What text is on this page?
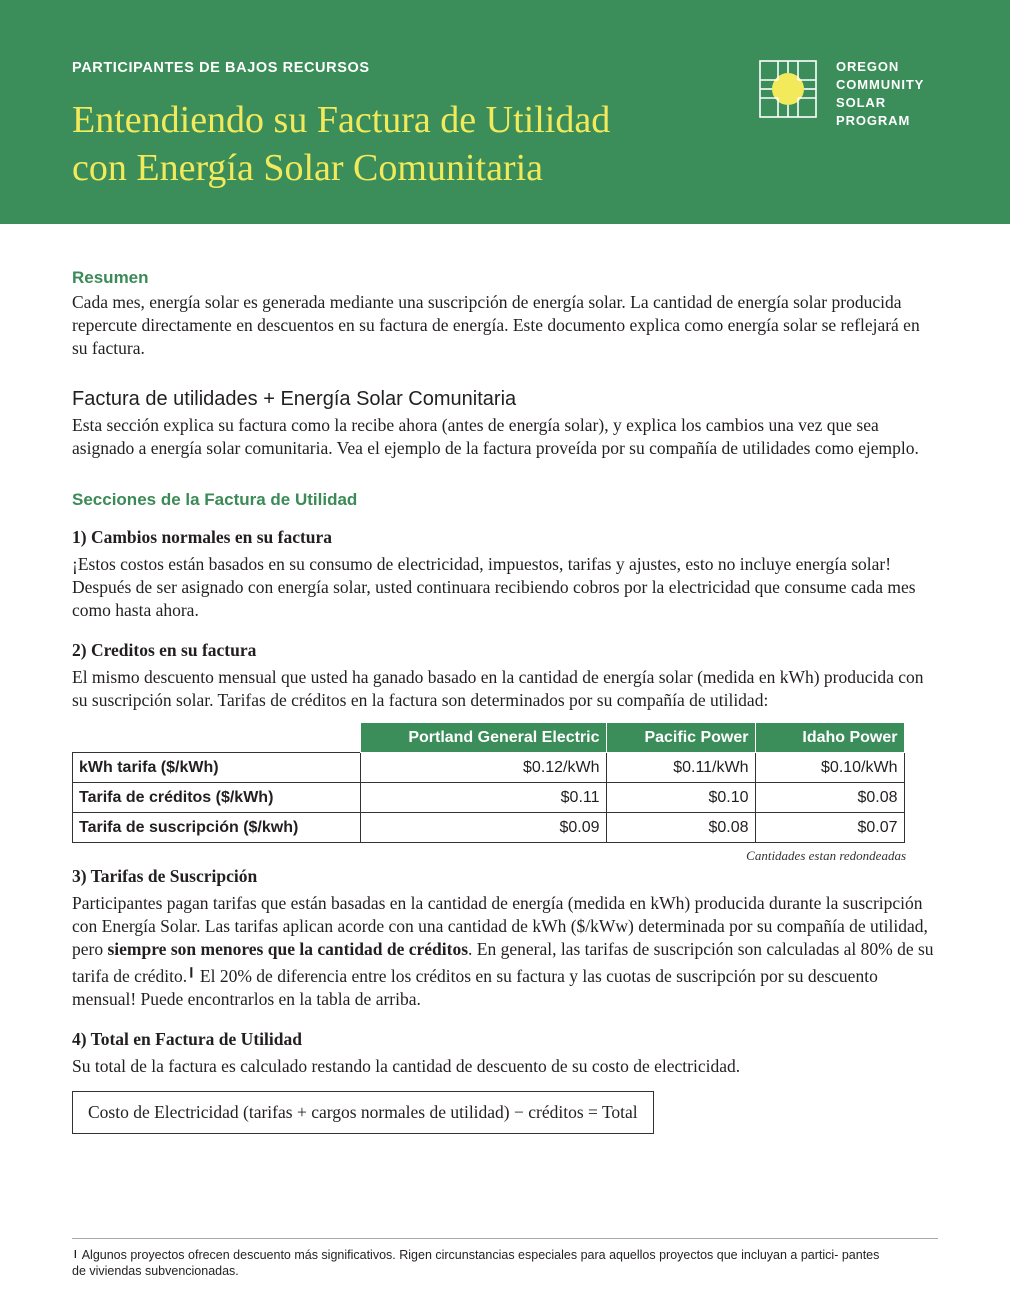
PARTICIPANTES DE BAJOS RECURSOS
Entendiendo su Factura de Utilidad
con Energía Solar Comunitaria
OREGON
COMMUNITY
SOLAR
PROGRAM
Resumen

Cada mes, energía solar es generada mediante una suscripción de energía solar. La cantidad de energía solar producida repercute directamente en descuentos en su factura de energía. Este documento explica como energía solar se reflejará en su factura.

Factura de utilidades + Energía Solar Comunitaria

Esta sección explica su factura como la recibe ahora (antes de energía solar), y explica los cambios una vez que sea asignado a energía solar comunitaria. Vea el ejemplo de la factura proveída por su compañía de utilidades como ejemplo.

Secciones de la Factura de Utilidad
1) Cambios normales en su factura

¡Estos costos están basados en su consumo de electricidad, impuestos, tarifas y ajustes, esto no incluye energía solar! Después de ser asignado con energía solar, usted continuara recibiendo cobros por la electricidad que consume cada mes como hasta ahora.

2) Creditos en su factura

El mismo descuento mensual que usted ha ganado basado en la cantidad de energía solar (medida en kWh) producida con su suscripción solar. Tarifas de créditos en la factura son determinados por su compañía de utilidad:

	Portland General Electric	Pacific Power	Idaho Power
kWh tarifa ($/kWh)	$0.12/kWh	$0.11/kWh	$0.10/kWh
Tarifa de créditos ($/kWh)	$0.11	$0.10	$0.08
Tarifa de suscripción ($/kwh)	$0.09	$0.08	$0.07
Cantidades estan redondeadas
3) Tarifas de Suscripción

Participantes pagan tarifas que están basadas en la cantidad de energía (medida en kWh) producida durante la suscripción con Energía Solar. Las tarifas aplican acorde con una cantidad de kWh ($/kWw) determinada por su compañía de utilidad, pero siempre son menores que la cantidad de créditos. En general, las tarifas de suscripción son calculadas al 80% de su tarifa de crédito.❙ El 20% de diferencia entre los créditos en su factura y las cuotas de suscripción por su descuento mensual! Puede encontrarlos en la tabla de arriba.

4) Total en Factura de Utilidad

Su total de la factura es calculado restando la cantidad de descuento de su costo de electricidad.

Costo de Electricidad (tarifas + cargos normales de utilidad) − créditos = Total
❙ Algunos proyectos ofrecen descuento más significativos. Rigen circunstancias especiales para aquellos proyectos que incluyan a partici- pantes de viviendas subvencionadas.
